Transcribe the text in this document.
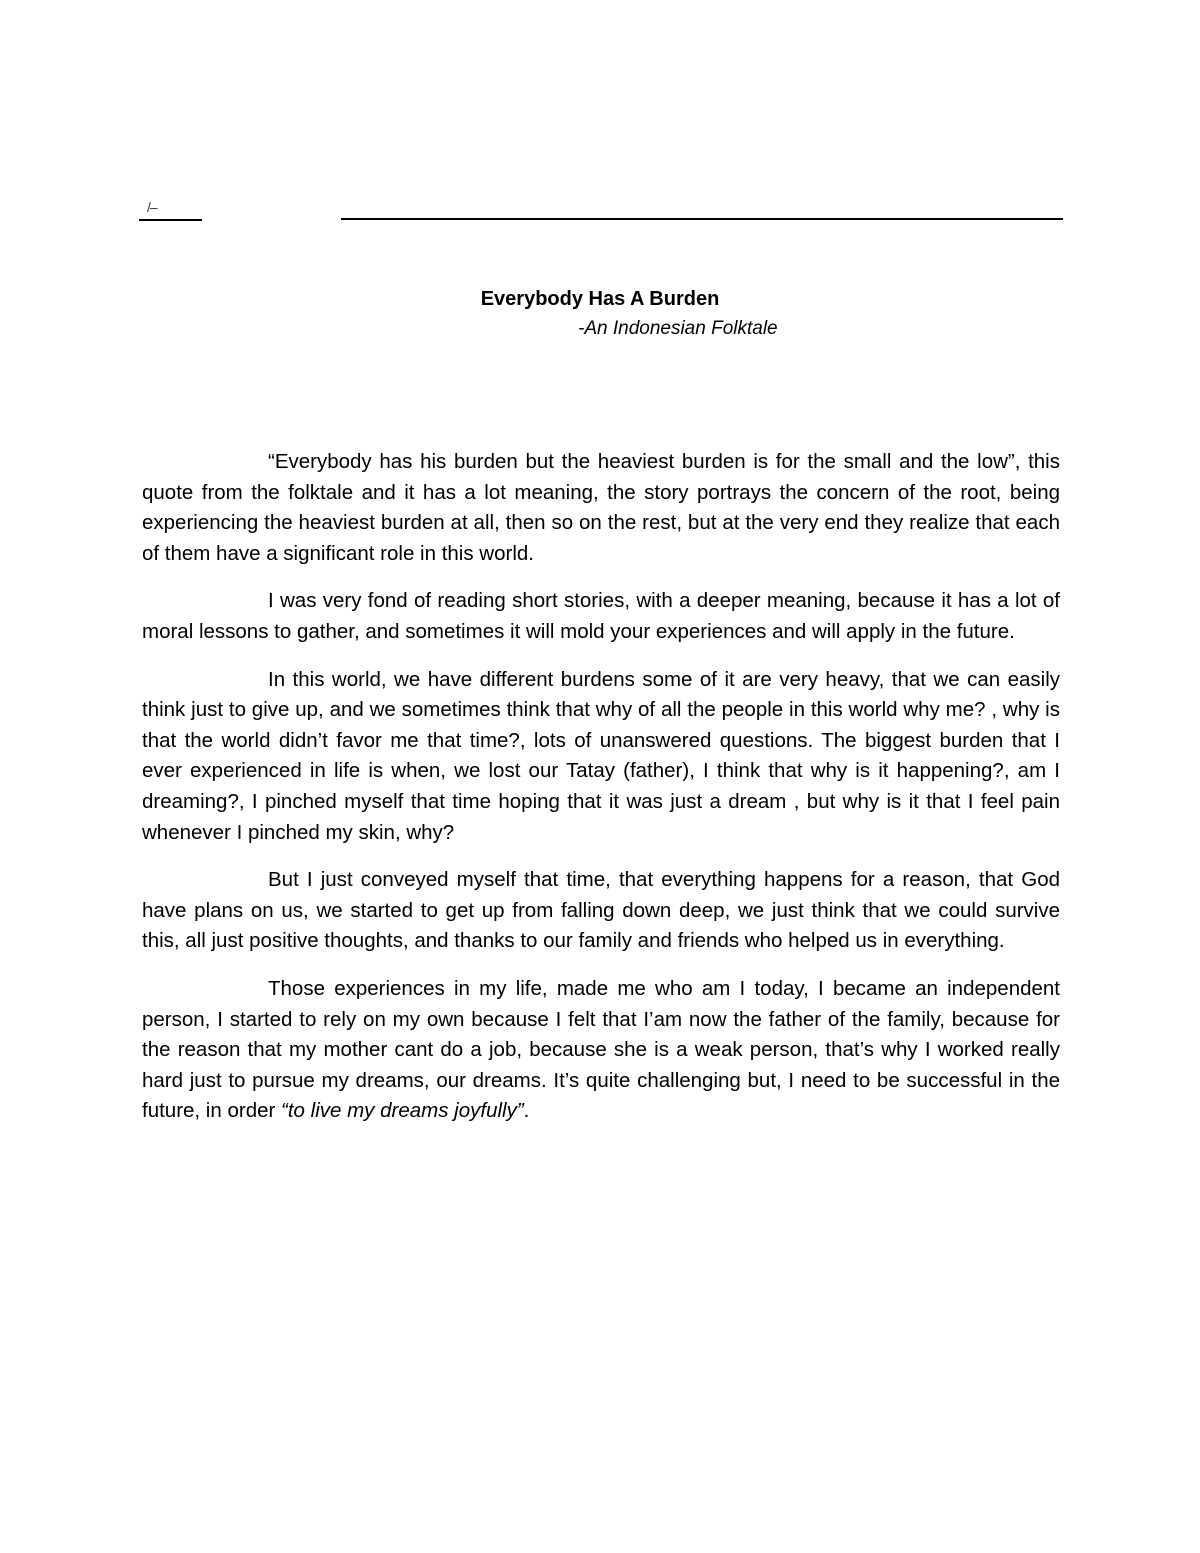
/‒
Everybody Has A Burden
-An Indonesian Folktale

“Everybody has his burden but the heaviest burden is for the small and the low”, this quote from the folktale and it has a lot meaning, the story portrays the concern of the root, being experiencing the heaviest burden at all, then so on the rest, but at the very end they realize that each of them have a significant role in this world.

I was very fond of reading short stories, with a deeper meaning, because it has a lot of moral lessons to gather, and sometimes it will mold your experiences and will apply in the future.

In this world, we have different burdens some of it are very heavy, that we can easily think just to give up, and we sometimes think that why of all the people in this world why me? , why is that the world didn’t favor me that time?, lots of unanswered questions. The biggest burden that I ever experienced in life is when, we lost our Tatay (father), I think that why is it happening?, am I dreaming?, I pinched myself that time hoping that it was just a dream , but why is it that I feel pain whenever I pinched my skin, why?

But I just conveyed myself that time, that everything happens for a reason, that God have plans on us, we started to get up from falling down deep, we just think that we could survive this, all just positive thoughts, and thanks to our family and friends who helped us in everything.

Those experiences in my life, made me who am I today, I became an independent person, I started to rely on my own because I felt that I’am now the father of the family, because for the reason that my mother cant do a job, because she is a weak person, that’s why I worked really hard just to pursue my dreams, our dreams. It’s quite challenging but, I need to be successful in the future, in order “to live my dreams joyfully”.
